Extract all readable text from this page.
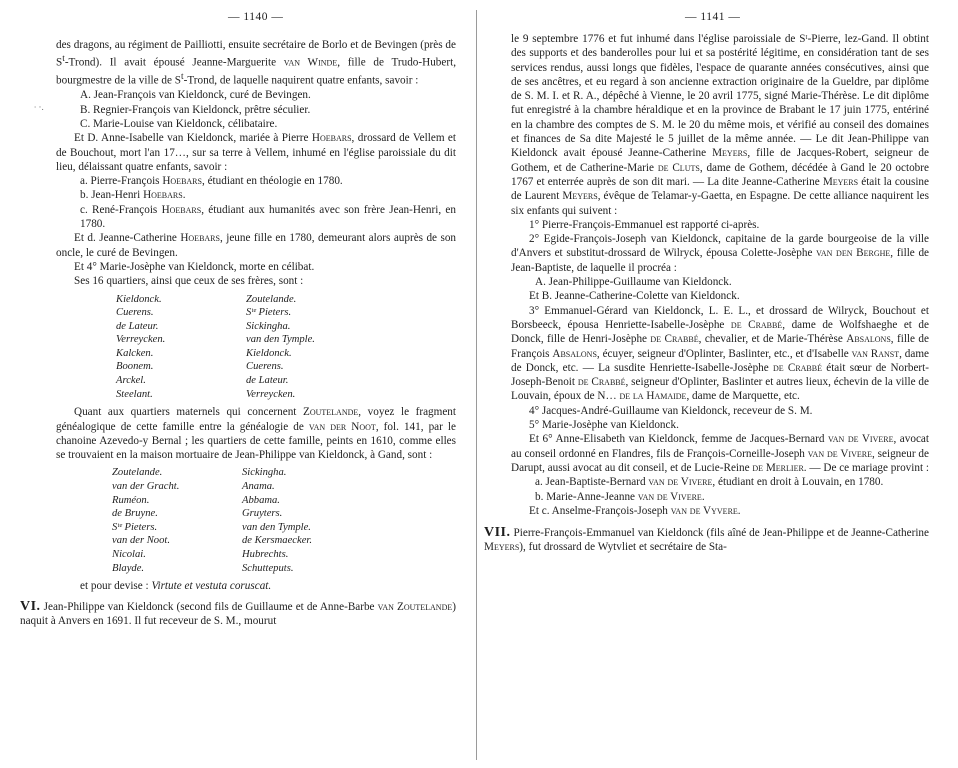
— 1140 —

des dragons, au régiment de Pailliotti, ensuite secrétaire de Borlo et de Bevingen (près de $S^t-Trond$). Il avait épousé Jeanne-Marguerite van Winde, fille de Trudo-Hubert, bourgmestre de la ville de $S^t$-Trond, de laquelle naquirent quatre enfants, savoir :

A. Jean-François van Kieldonck, curé de Bevingen.

B. Regnier-François van Kieldonck, prêtre séculier.

C. Marie-Louise van Kieldonck, célibataire.

Et D. Anne-Isabelle van Kieldonck, mariée à Pierre Hoebars, drossard de Vellem et de Bouchout, mort l'an 17…, sur sa terre à Vellem, inhumé en l'église paroissiale du dit lieu, délaissant quatre enfants, savoir :

a. Pierre-François Hoebars, étudiant en théologie en 1780.

b. Jean-Henri Hoebars.

c. René-François Hoebars, étudiant aux humanités avec son frère Jean-Henri, en 1780.

Et d. Jeanne-Catherine Hoebars, jeune fille en 1780, demeurant alors auprès de son oncle, le curé de Bevingen.

Et 4° Marie-Josèphe van Kieldonck, morte en célibat.

Ses 16 quartiers, ainsi que ceux de ses frères, sont :

Kieldonck.
Cuerens.
de Lateur.
Verreycken.
Kalcken.
Boonem.
Arckel.
Steelant.
Zoutelande.
Sᵗᵉ Pieters.
Sickingha.
van den Tymple.
Kieldonck.
Cuerens.
de Lateur.
Verreycken.

Quant aux quartiers maternels qui concernent Zoutelande, voyez le fragment généalogique de cette famille entre la généalogie de van der Noot, fol. 141, par le chanoine Azevedo-y Bernal ; les quartiers de cette famille, peints en 1610, comme elles se trouvaient en la maison mortuaire de Jean-Philippe van Kieldonck, à Gand, sont :

Zoutelande.
van der Gracht.
Ruméon.
de Bruyne.
Sᵗᵉ Pieters.
van der Noot.
Nicolai.
Blayde.
Sickingha.
Anama.
Abbama.
Gruyters.
van den Tymple.
de Kersmaecker.
Hubrechts.
Schutteputs.

et pour devise : Virtute et vestuta coruscat.

VI. Jean-Philippe van Kieldonck (second fils de Guillaume et de Anne-Barbe van Zoutelande) naquit à Anvers en 1691. Il fut receveur de S. M., mourut

∙ ·.
— 1141 —

le 9 septembre 1776 et fut inhumé dans l'église paroissiale de Sᵗ-Pierre, lez-Gand. Il obtint des supports et des banderolles pour lui et sa postérité légitime, en considération tant de ses services rendus, aussi longs que fidèles, l'espace de quarante années consécutives, ainsi que de ses ancêtres, et eu regard à son ancienne extraction originaire de la Gueldre, par diplôme de S. M. I. et R. A., dépêché à Vienne, le 20 avril 1775, signé Marie-Thérèse. Le dit diplôme fut enregistré à la chambre héraldique et en la province de Brabant le 17 juin 1775, entériné en la chambre des comptes de S. M. le 20 du même mois, et vérifié au conseil des domaines et finances de Sa dite Majesté le 5 juillet de la même année. — Le dit Jean-Philippe van Kieldonck avait épousé Jeanne-Catherine Meyers, fille de Jacques-Robert, seigneur de Gothem, et de Catherine-Marie de Cluts, dame de Gothem, décédée à Gand le 20 octobre 1767 et enterrée auprès de son dit mari. — La dite Jeanne-Catherine Meyers était la cousine de Laurent Meyers, évêque de Telamar-y-Gaetta, en Espagne. De cette alliance naquirent les six enfants qui suivent :

1° Pierre-François-Emmanuel est rapporté ci-après.

2° Egide-François-Joseph van Kieldonck, capitaine de la garde bourgeoise de la ville d'Anvers et substitut-drossard de Wilryck, épousa Colette-Josèphe van den Berghe, fille de Jean-Baptiste, de laquelle il procréa :

A. Jean-Philippe-Guillaume van Kieldonck.

Et B. Jeanne-Catherine-Colette van Kieldonck.

3° Emmanuel-Gérard van Kieldonck, L. E. L., et drossard de Wilryck, Bouchout et Borsbeeck, épousa Henriette-Isabelle-Josèphe de Crabbé, dame de Wolfshaeghe et de Donck, fille de Henri-Josèphe de Crabbé, chevalier, et de Marie-Thérèse Absalons, fille de François Absalons, écuyer, seigneur d'Oplinter, Baslinter, etc., et d'Isabelle van Ranst, dame de Donck, etc. — La susdite Henriette-Isabelle-Josèphe de Crabbé était sœur de Norbert-Joseph-Benoit de Crabbé, seigneur d'Oplinter, Baslinter et autres lieux, échevin de la ville de Louvain, époux de N… de la Hamaide, dame de Marquette, etc.

4° Jacques-André-Guillaume van Kieldonck, receveur de S. M.

5° Marie-Josèphe van Kieldonck.

Et 6° Anne-Elisabeth van Kieldonck, femme de Jacques-Bernard van de Vivere, avocat au conseil ordonné en Flandres, fils de François-Corneille-Joseph van de Vivere, seigneur de Darupt, aussi avocat au dit conseil, et de Lucie-Reine de Merlier. — De ce mariage provint :

a. Jean-Baptiste-Bernard van de Vivere, étudiant en droit à Louvain, en 1780.

b. Marie-Anne-Jeanne van de Vivere.

Et c. Anselme-François-Joseph van de Vyvere.

VII. Pierre-François-Emmanuel van Kieldonck (fils aîné de Jean-Philippe et de Jeanne-Catherine Meyers), fut drossard de Wytvliet et secrétaire de Sta-
